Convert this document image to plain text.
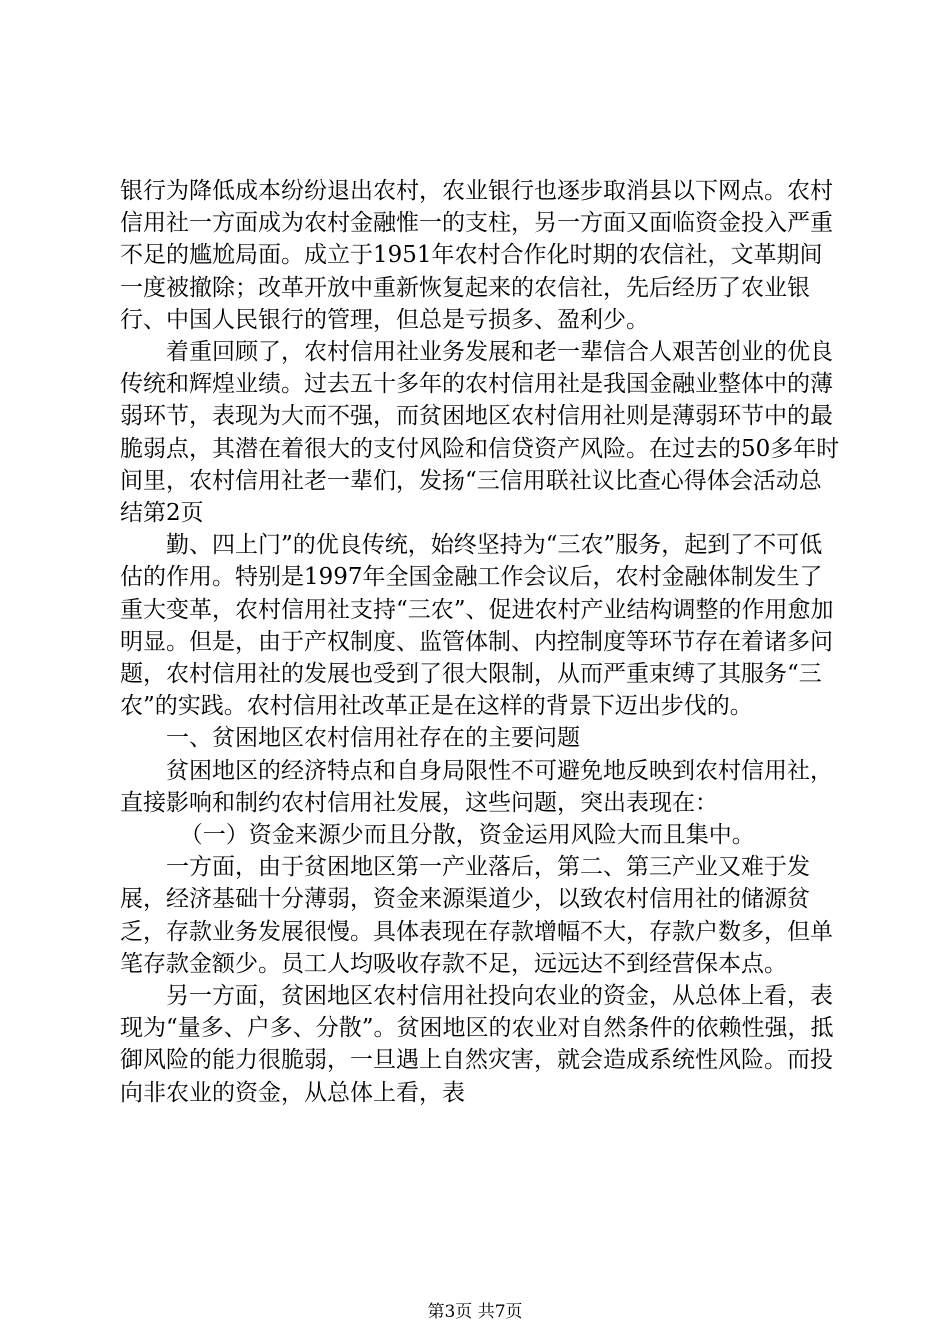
银行为降低成本纷纷退出农村，农业银行也逐步取消县以下网点。农村信用社一方面成为农村金融惟一的支柱，另一方面又面临资金投入严重不足的尴尬局面。成立于1951年农村合作化时期的农信社，文革期间一度被撤除；改革开放中重新恢复起来的农信社，先后经历了农业银行、中国人民银行的管理，但总是亏损多、盈利少。

着重回顾了，农村信用社业务发展和老一辈信合人艰苦创业的优良传统和辉煌业绩。过去五十多年的农村信用社是我国金融业整体中的薄弱环节，表现为大而不强，而贫困地区农村信用社则是薄弱环节中的最脆弱点，其潜在着很大的支付风险和信贷资产风险。在过去的50多年时间里，农村信用社老一辈们，发扬“三信用联社议比查心得体会活动总结第2页

勤、四上门”的优良传统，始终坚持为“三农”服务，起到了不可低估的作用。特别是1997年全国金融工作会议后，农村金融体制发生了重大变革，农村信用社支持“三农”、促进农村产业结构调整的作用愈加明显。但是，由于产权制度、监管体制、内控制度等环节存在着诸多问题，农村信用社的发展也受到了很大限制，从而严重束缚了其服务“三农”的实践。农村信用社改革正是在这样的背景下迈出步伐的。

一、贫困地区农村信用社存在的主要问题

贫困地区的经济特点和自身局限性不可避免地反映到农村信用社，直接影响和制约农村信用社发展，这些问题，突出表现在：

（一）资金来源少而且分散，资金运用风险大而且集中。

一方面，由于贫困地区第一产业落后，第二、第三产业又难于发展，经济基础十分薄弱，资金来源渠道少，以致农村信用社的储源贫乏，存款业务发展很慢。具体表现在存款增幅不大，存款户数多，但单笔存款金额少。员工人均吸收存款不足，远远达不到经营保本点。

另一方面，贫困地区农村信用社投向农业的资金，从总体上看，表现为“量多、户多、分散”。贫困地区的农业对自然条件的依赖性强，抵御风险的能力很脆弱，一旦遇上自然灾害，就会造成系统性风险。而投向非农业的资金，从总体上看，表

第3页 共7页
